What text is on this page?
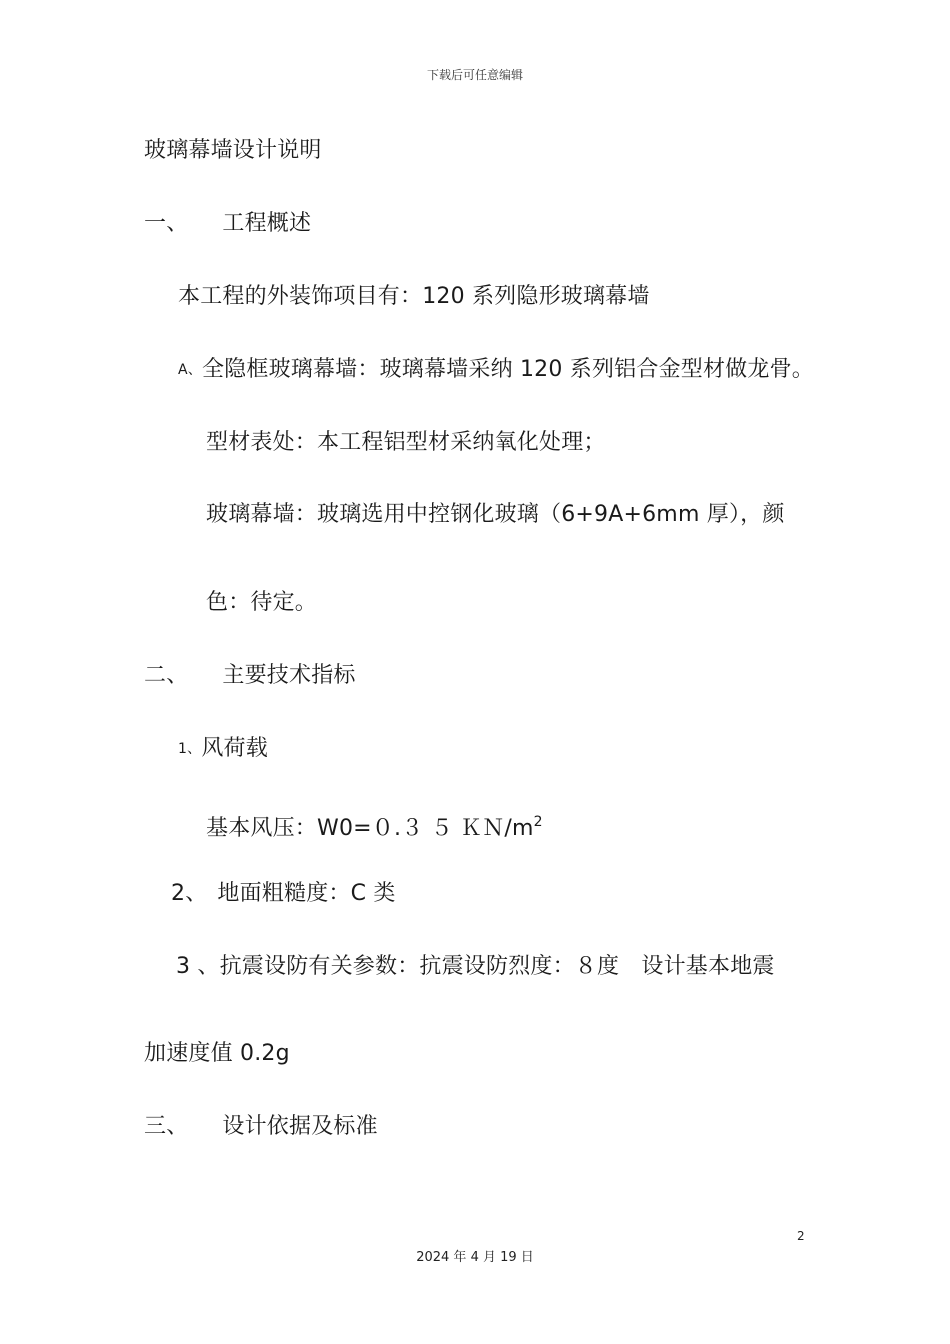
下载后可任意编辑
玻璃幕墙设计说明
一、 工程概述
本工程的外装饰项目有：120 系列隐形玻璃幕墙
A、全隐框玻璃幕墙：玻璃幕墙采纳 120 系列铝合金型材做龙骨。
型材表处：本工程铝型材采纳氧化处理；
玻璃幕墙：玻璃选用中控钢化玻璃（6+9A+6mm 厚），颜
色：待定。
二、 主要技术指标
1、风荷载
基本风压：W0=０.３ ５ $KN/m^2$
2、 地面粗糙度：C 类
3 、抗震设防有关参数：抗震设防烈度：８度　设计基本地震
加速度值 0.2g
三、 设计依据及标准
2
2024 年 4 月 19 日
